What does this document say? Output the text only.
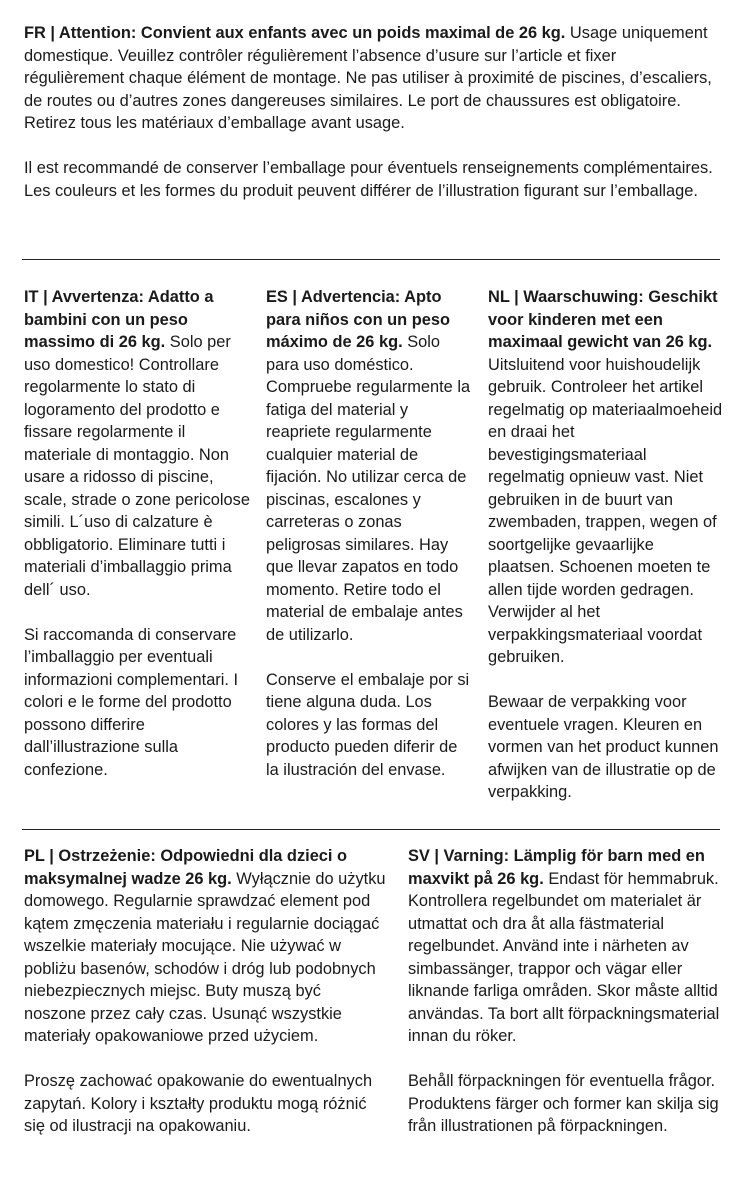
FR | Attention: Convient aux enfants avec un poids maximal de 26 kg. Usage uniquement domestique. Veuillez contrôler régulièrement l’absence d’usure sur l’article et fixer régulièrement chaque élément de montage. Ne pas utiliser à proximité de piscines, d’escaliers, de routes ou d’autres zones dangereuses similaires. Le port de chaussures est obligatoire. Retirez tous les matériaux d’emballage avant usage.

Il est recommandé de conserver l’emballage pour éventuels renseignements complémentaires. Les couleurs et les formes du produit peuvent différer de l’illustration figurant sur l’emballage.

IT | Avvertenza: Adatto a bambini con un peso massimo di 26 kg. Solo per uso domestico! Controllare regolarmente lo stato di logoramento del prodotto e fissare regolarmente il materiale di montaggio. Non usare a ridosso di piscine, scale, strade o zone pericolose simili. L´uso di calzature è obbligatorio. Eliminare tutti i materiali d’imballaggio prima dell´ uso.

Si raccomanda di conservare l’imballaggio per eventuali informazioni complementari. I colori e le forme del prodotto possono differire dall’illustrazione sulla confezione.

ES | Advertencia: Apto para niños con un peso máximo de 26 kg. Solo para uso doméstico. Compruebe regularmente la fatiga del material y reapriete regularmente cualquier material de fijación. No utilizar cerca de piscinas, escalones y carreteras o zonas peligrosas similares. Hay que llevar zapatos en todo momento. Retire todo el material de embalaje antes de utilizarlo.

Conserve el embalaje por si tiene alguna duda. Los colores y las formas del producto pueden diferir de la ilustración del envase.

NL | Waarschuwing: Geschikt voor kinderen met een maximaal gewicht van 26 kg. Uitsluitend voor huishoudelijk gebruik. Controleer het artikel regelmatig op materiaalmoeheid en draai het bevestigingsmateriaal regelmatig opnieuw vast. Niet gebruiken in de buurt van zwembaden, trappen, wegen of soortgelijke gevaarlijke plaatsen. Schoenen moeten te allen tijde worden gedragen. Verwijder al het verpakkingsmateriaal voordat gebruiken.

Bewaar de verpakking voor eventuele vragen. Kleuren en vormen van het product kunnen afwijken van de illustratie op de verpakking.

PL | Ostrzeżenie: Odpowiedni dla dzieci o maksymalnej wadze 26 kg. Wyłącznie do użytku domowego. Regularnie sprawdzać element pod kątem zmęczenia materiału i regularnie dociągać wszelkie materiały mocujące. Nie używać w pobliżu basenów, schodów i dróg lub podobnych niebezpiecznych miejsc. Buty muszą być noszone przez cały czas. Usunąć wszystkie materiały opakowaniowe przed użyciem.

Proszę zachować opakowanie do ewentualnych zapytań. Kolory i kształty produktu mogą różnić się od ilustracji na opakowaniu.

SV | Varning: Lämplig för barn med en maxvikt på 26 kg. Endast för hemmabruk. Kontrollera regelbundet om materialet är utmattat och dra åt alla fästmaterial regelbundet. Använd inte i närheten av simbassänger, trappor och vägar eller liknande farliga områden. Skor måste alltid användas. Ta bort allt förpackningsmaterial innan du röker.

Behåll förpackningen för eventuella frågor. Produktens färger och former kan skilja sig från illustrationen på förpackningen.
